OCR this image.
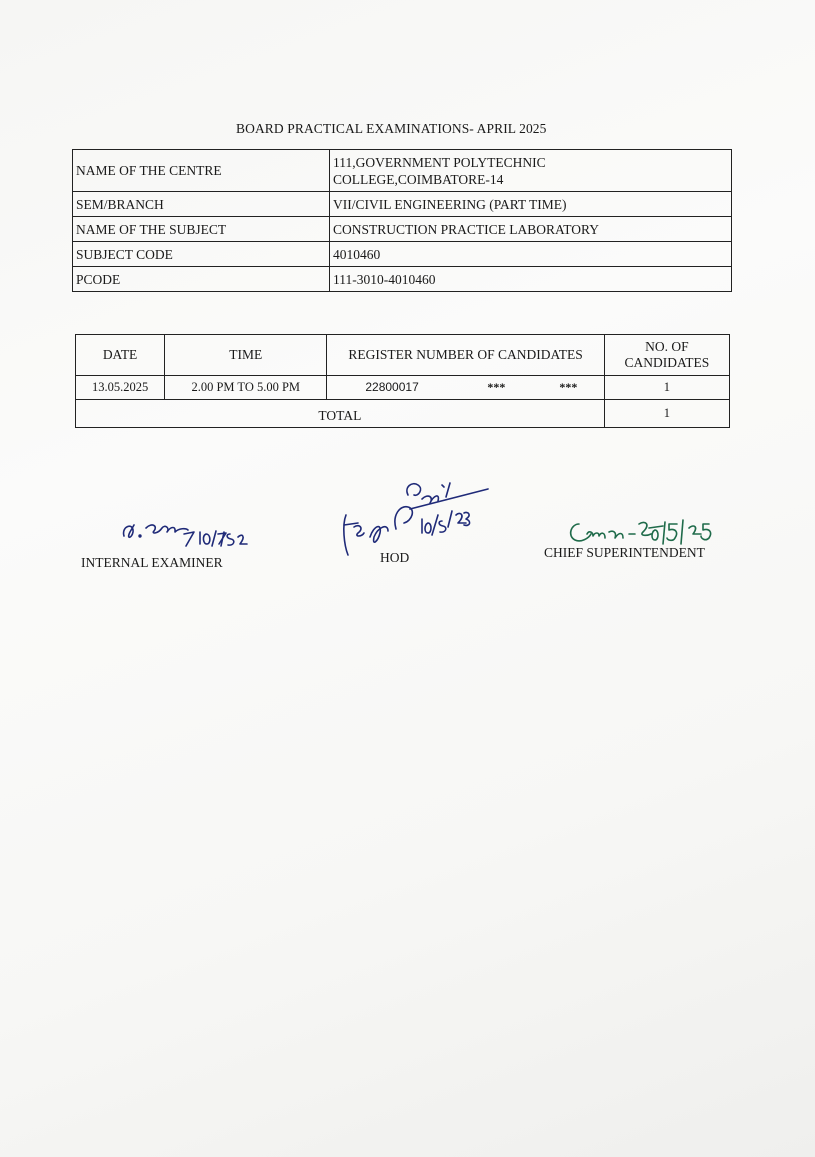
BOARD PRACTICAL EXAMINATIONS- APRIL 2025
NAME OF THE CENTRE	111,GOVERNMENT POLYTECHNIC
COLLEGE,COIMBATORE-14

SEM/BRANCH	VII/CIVIL ENGINEERING (PART TIME)
NAME OF THE SUBJECT	CONSTRUCTION PRACTICE LABORATORY
SUBJECT CODE	4010460
PCODE	111-3010-4010460
DATE	TIME	REGISTER NUMBER OF CANDIDATES	NO. OF
CANDIDATES

13.05.2025	2.00 PM TO 5.00 PM	22800017 *** ***	1
TOTAL			1
INTERNAL EXAMINER	HOD	CHIEF SUPERINTENDENT
